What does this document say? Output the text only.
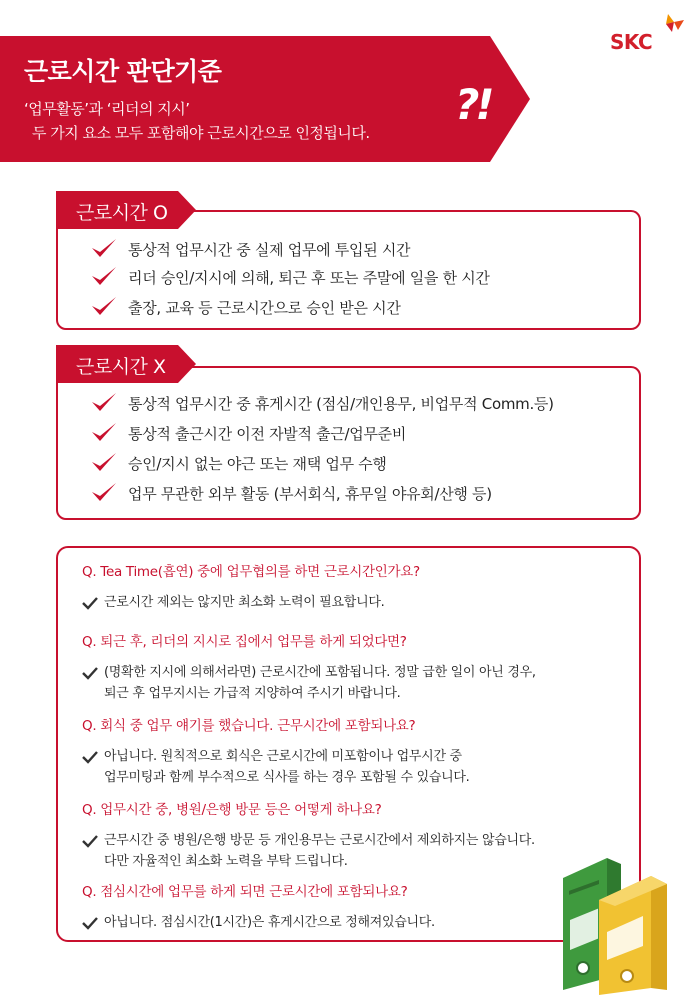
SKC
근로시간 판단기준
‘업무활동’과 ‘리더의 지시’
두 가지 요소 모두 포함해야 근로시간으로 인정됩니다.
?!
통상적 업무시간 중 실제 업무에 투입된 시간
리더 승인/지시에 의해, 퇴근 후 또는 주말에 일을 한 시간
출장, 교육 등 근로시간으로 승인 받은 시간
근로시간 O
통상적 업무시간 중 휴게시간 (점심/개인용무, 비업무적 Comm.등)
통상적 출근시간 이전 자발적 출근/업무준비
승인/지시 없는 야근 또는 재택 업무 수행
업무 무관한 외부 활동 (부서회식, 휴무일 야유회/산행 등)
근로시간 X
Q. Tea Time(흡연) 중에 업무협의를 하면 근로시간인가요?
근로시간 제외는 않지만 최소화 노력이 필요합니다.
Q. 퇴근 후, 리더의 지시로 집에서 업무를 하게 되었다면?
(명확한 지시에 의해서라면) 근로시간에 포함됩니다. 정말 급한 일이 아닌 경우,
퇴근 후 업무지시는 가급적 지양하여 주시기 바랍니다.
Q. 회식 중 업무 얘기를 했습니다. 근무시간에 포함되나요?
아닙니다. 원칙적으로 회식은 근로시간에 미포함이나 업무시간 중
업무미팅과 함께 부수적으로 식사를 하는 경우 포함될 수 있습니다.
Q. 업무시간 중, 병원/은행 방문 등은 어떻게 하나요?
근무시간 중 병원/은행 방문 등 개인용무는 근로시간에서 제외하지는 않습니다.
다만 자율적인 최소화 노력을 부탁 드립니다.
Q. 점심시간에 업무를 하게 되면 근로시간에 포함되나요?
아닙니다. 점심시간(1시간)은 휴게시간으로 정해져있습니다.
